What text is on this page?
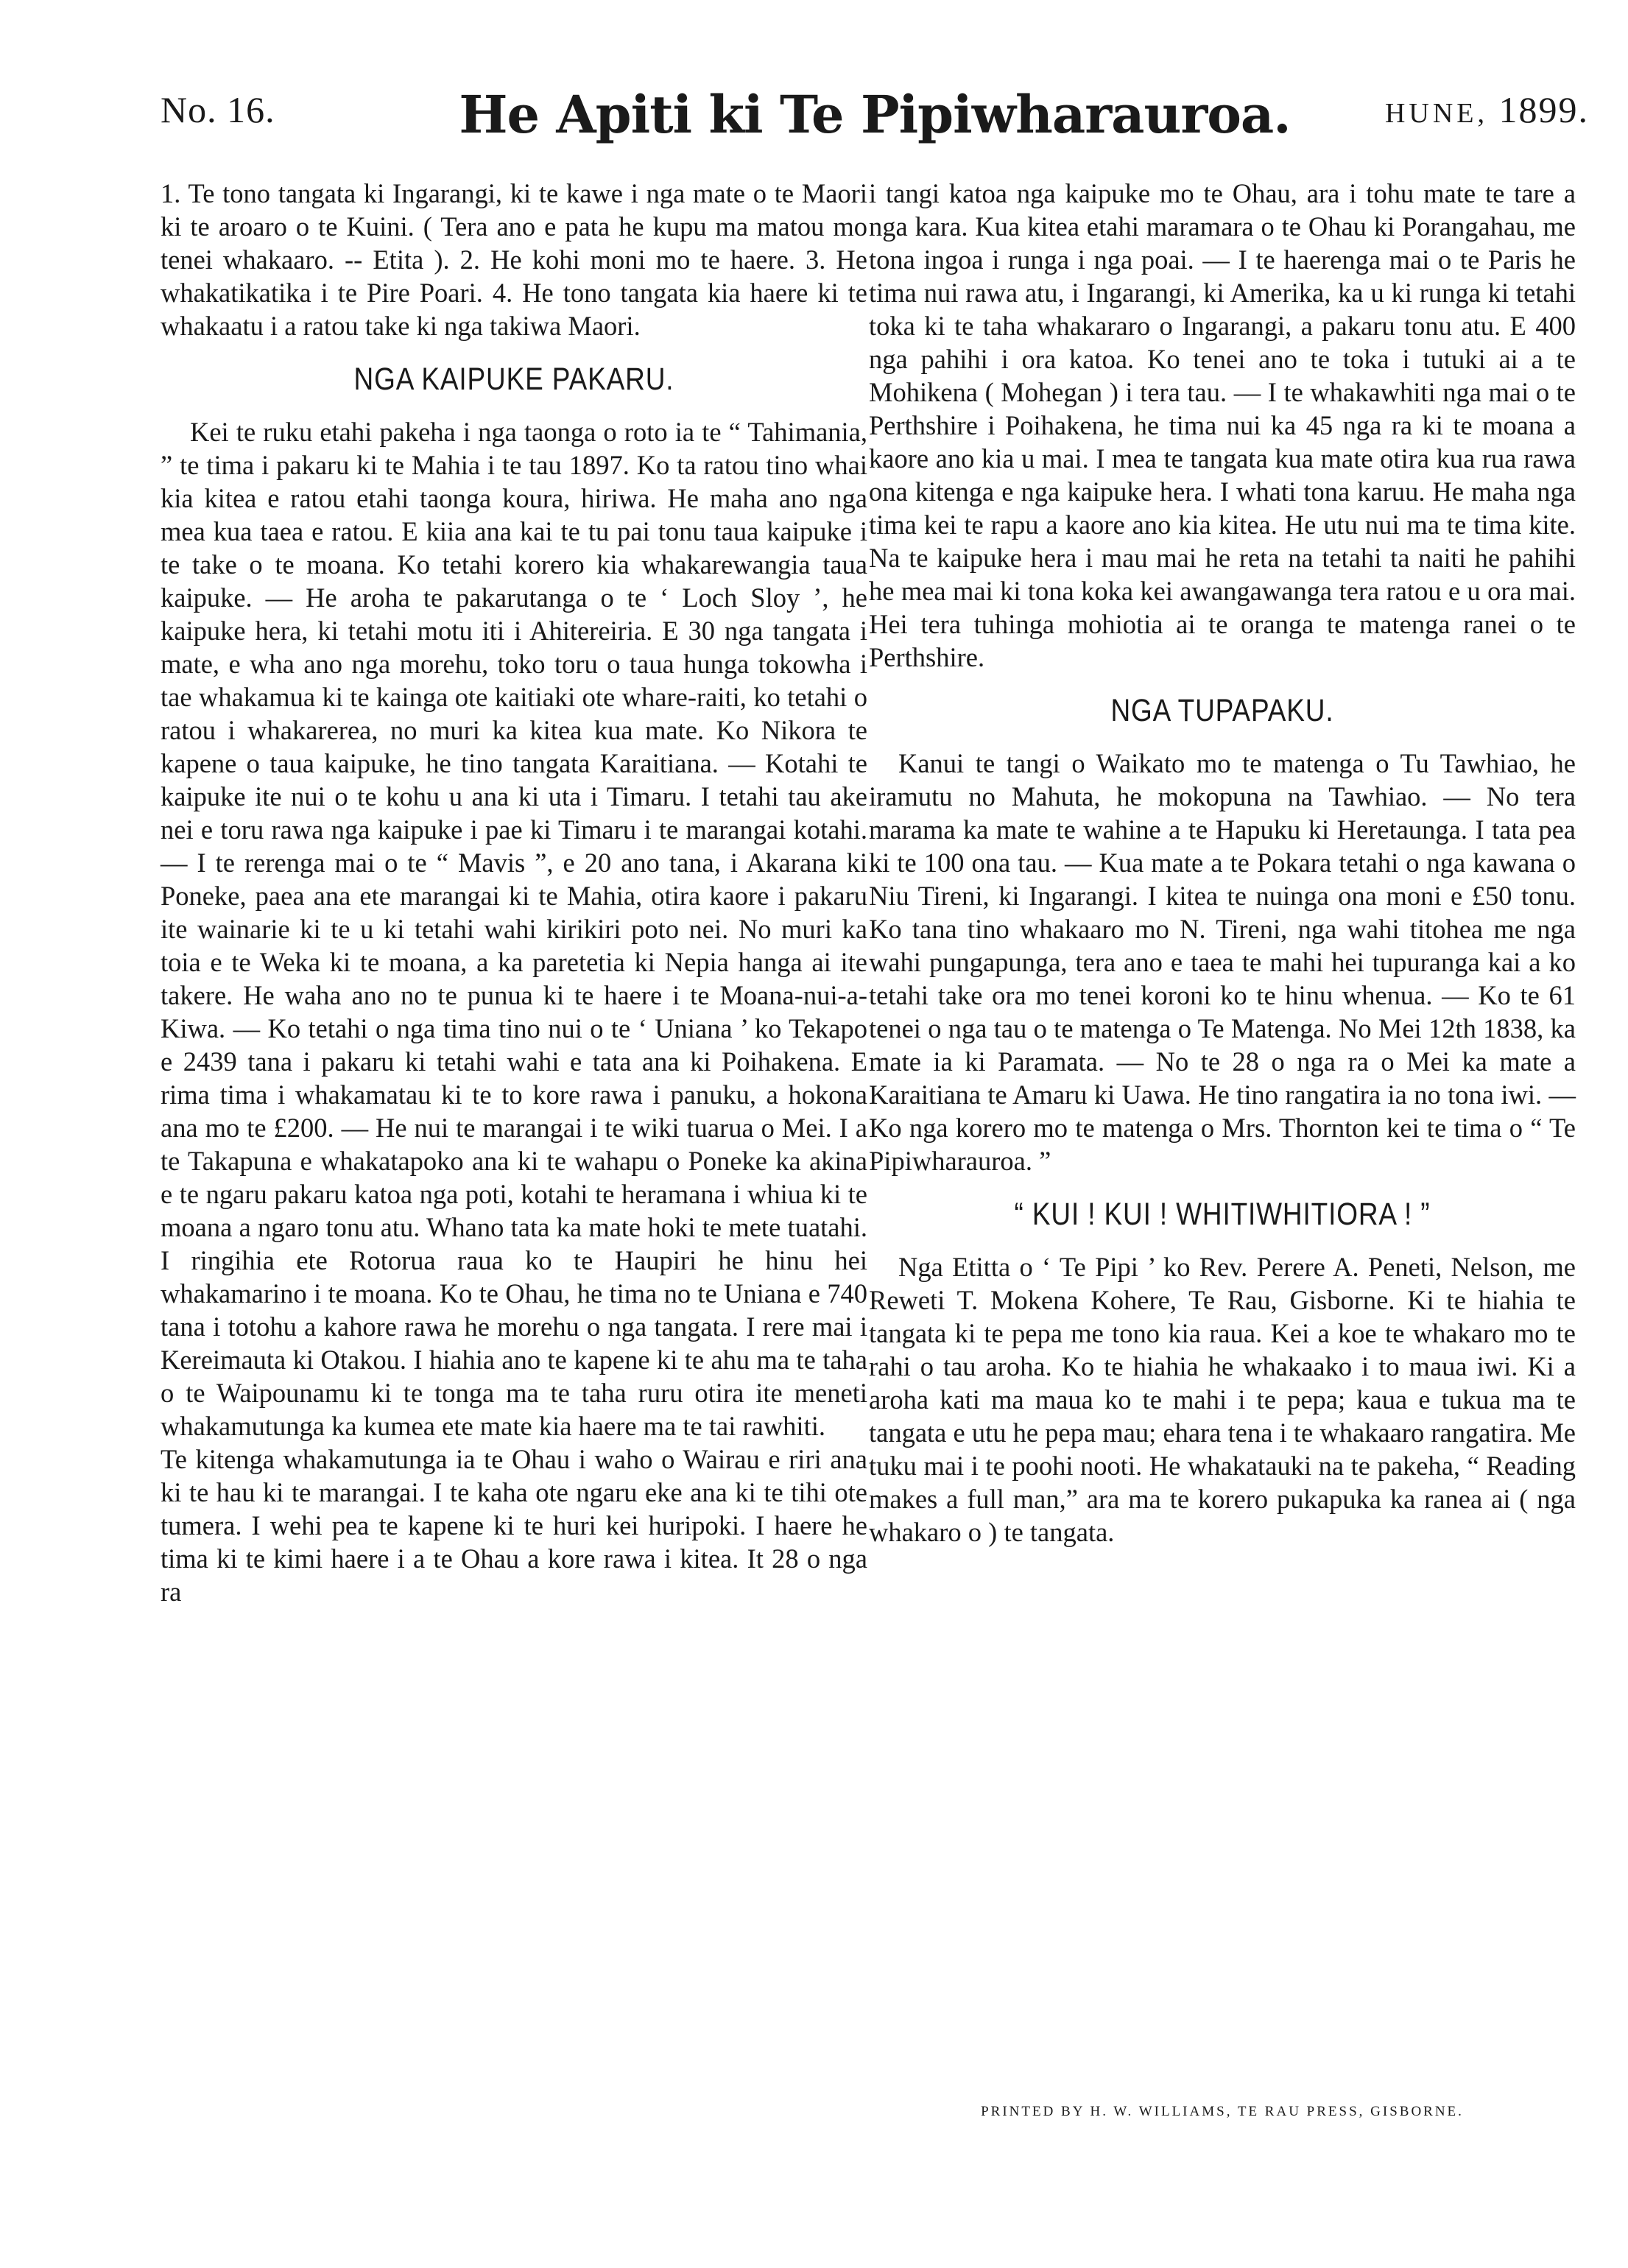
No. 16.	He Apiti ki Te Pipiwharauroa.	HUNE, 1899.

1. Te tono tangata ki Ingarangi, ki te kawe i nga mate o te Maori ki te aroaro o te Kuini. ( Tera ano e pata he kupu ma matou mo tenei whakaaro. -- Etita ). 2. He kohi moni mo te haere. 3. He whakatikatika i te Pire Poari. 4. He tono tangata kia haere ki te whakaatu i a ratou take ki nga takiwa Maori.

NGA KAIPUKE PAKARU.

Kei te ruku etahi pakeha i nga taonga o roto ia te “ Tahimania, ” te tima i pakaru ki te Mahia i te tau 1897. Ko ta ratou tino whai kia kitea e ratou etahi taonga koura, hiriwa. He maha ano nga mea kua taea e ratou. E kiia ana kai te tu pai tonu taua kaipuke i te take o te moana. Ko tetahi korero kia whakarewangia taua kaipuke. — He aroha te pakarutanga o te ‘ Loch Sloy ’, he kaipuke hera, ki tetahi motu iti i Ahitereiria. E 30 nga tangata i mate, e wha ano nga morehu, toko toru o taua hunga tokowha i tae whakamua ki te kainga ote kaitiaki ote whare-raiti, ko tetahi o ratou i whakarerea, no muri ka kitea kua mate. Ko Nikora te kapene o taua kaipuke, he tino tangata Karaitiana. — Kotahi te kaipuke ite nui o te kohu u ana ki uta i Timaru. I tetahi tau ake nei e toru rawa nga kaipuke i pae ki Timaru i te marangai kotahi. — I te rerenga mai o te “ Mavis ”, e 20 ano tana, i Akarana ki Poneke, paea ana ete marangai ki te Mahia, otira kaore i pakaru ite wainarie ki te u ki tetahi wahi kirikiri poto nei. No muri ka toia e te Weka ki te moana, a ka paretetia ki Nepia hanga ai ite takere. He waha ano no te punua ki te haere i te Moana-nui-a-Kiwa. — Ko tetahi o nga tima tino nui o te ‘ Uniana ’ ko Tekapo e 2439 tana i pakaru ki tetahi wahi e tata ana ki Poihakena. E rima tima i whakamatau ki te to kore rawa i panuku, a hokona ana mo te £200. — He nui te marangai i te wiki tuarua o Mei. I a te Takapuna e whakatapoko ana ki te wahapu o Poneke ka akina e te ngaru pakaru katoa nga poti, kotahi te heramana i whiua ki te moana a ngaro tonu atu. Whano tata ka mate hoki te mete tuatahi. I ringihia ete Rotorua raua ko te Haupiri he hinu hei whakamarino i te moana. Ko te Ohau, he tima no te Uniana e 740 tana i totohu a kahore rawa he morehu o nga tangata. I rere mai i Kereimauta ki Otakou. I hiahia ano te kapene ki te ahu ma te taha o te Waipounamu ki te tonga ma te taha ruru otira ite meneti whakamutunga ka kumea ete mate kia haere ma te tai rawhiti.

Te kitenga whakamutunga ia te Ohau i waho o Wairau e riri ana ki te hau ki te marangai. I te kaha ote ngaru eke ana ki te tihi ote tumera. I wehi pea te kapene ki te huri kei huripoki. I haere he tima ki te kimi haere i a te Ohau a kore rawa i kitea. It 28 o nga ra

i tangi katoa nga kaipuke mo te Ohau, ara i tohu mate te tare a nga kara. Kua kitea etahi maramara o te Ohau ki Porangahau, me tona ingoa i runga i nga poai. — I te haerenga mai o te Paris he tima nui rawa atu, i Ingarangi, ki Amerika, ka u ki runga ki tetahi toka ki te taha whakararo o Ingarangi, a pakaru tonu atu. E 400 nga pahihi i ora katoa. Ko tenei ano te toka i tutuki ai a te Mohikena ( Mohegan ) i tera tau. — I te whakawhiti nga mai o te Perthshire i Poihakena, he tima nui ka 45 nga ra ki te moana a kaore ano kia u mai. I mea te tangata kua mate otira kua rua rawa ona kitenga e nga kaipuke hera. I whati tona karuu. He maha nga tima kei te rapu a kaore ano kia kitea. He utu nui ma te tima kite. Na te kaipuke hera i mau mai he reta na tetahi ta naiti he pahihi he mea mai ki tona koka kei awangawanga tera ratou e u ora mai. Hei tera tuhinga mohiotia ai te oranga te matenga ranei o te Perthshire.

NGA TUPAPAKU.

Kanui te tangi o Waikato mo te matenga o Tu Tawhiao, he iramutu no Mahuta, he mokopuna na Tawhiao. — No tera marama ka mate te wahine a te Hapuku ki Heretaunga. I tata pea ki te 100 ona tau. — Kua mate a te Pokara tetahi o nga kawana o Niu Tireni, ki Ingarangi. I kitea te nuinga ona moni e £50 tonu. Ko tana tino whakaaro mo N. Tireni, nga wahi titohea me nga wahi pungapunga, tera ano e taea te mahi hei tupuranga kai a ko tetahi take ora mo tenei koroni ko te hinu whenua. — Ko te 61 tenei o nga tau o te matenga o Te Matenga. No Mei 12th 1838, ka mate ia ki Paramata. — No te 28 o nga ra o Mei ka mate a Karaitiana te Amaru ki Uawa. He tino rangatira ia no tona iwi. — Ko nga korero mo te matenga o Mrs. Thornton kei te tima o “ Te Pipiwharauroa. ”

“ KUI ! KUI ! WHITIWHITIORA ! ”

Nga Etitta o ‘ Te Pipi ’ ko Rev. Perere A. Peneti, Nelson, me Reweti T. Mokena Kohere, Te Rau, Gisborne. Ki te hiahia te tangata ki te pepa me tono kia raua. Kei a koe te whakaro mo te rahi o tau aroha. Ko te hiahia he whakaako i to maua iwi. Ki a aroha kati ma maua ko te mahi i te pepa; kaua e tukua ma te tangata e utu he pepa mau; ehara tena i te whakaaro rangatira. Me tuku mai i te poohi nooti. He whakatauki na te pakeha, “ Reading makes a full man,” ara ma te korero pukapuka ka ranea ai ( nga whakaro o ) te tangata.

PRINTED BY H. W. WILLIAMS, TE RAU PRESS, GISBORNE.
